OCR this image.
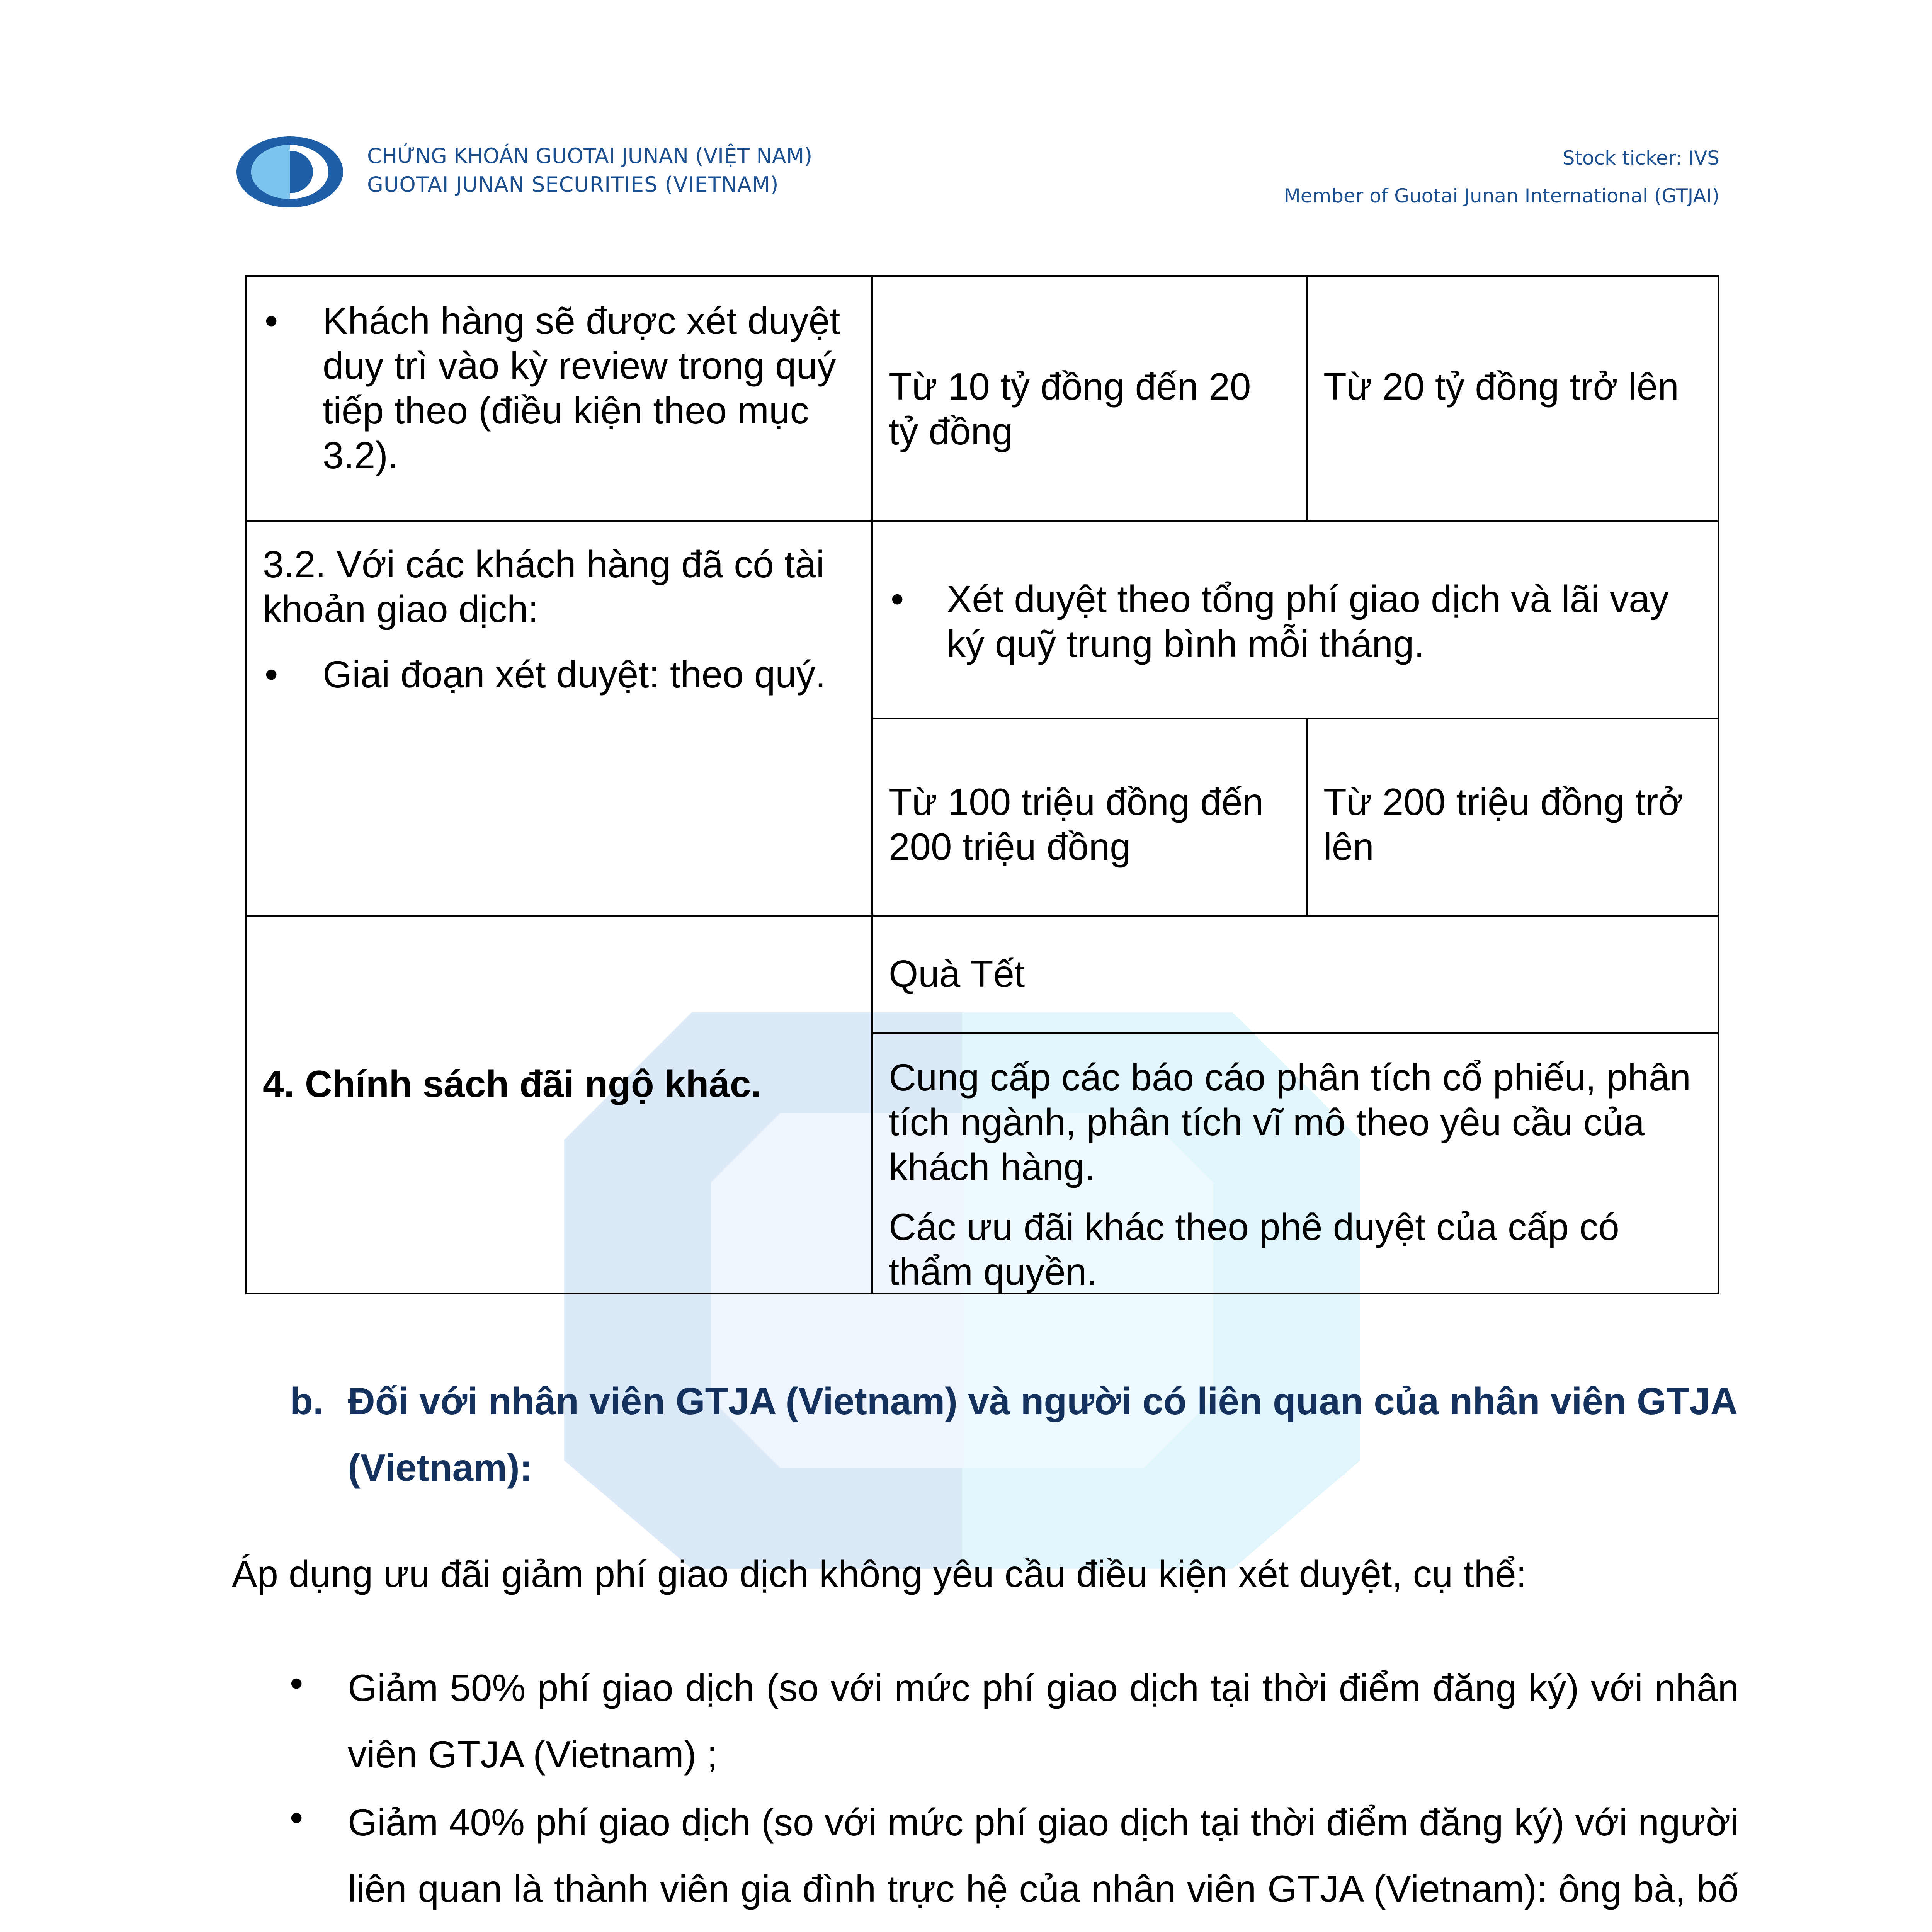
CHỨNG KHOÁN GUOTAI JUNAN (VIỆT NAM)
GUOTAI JUNAN SECURITIES (VIETNAM)
Stock ticker: IVS
Member of Guotai Junan International (GTJAI)
• Khách hàng sẽ được xét duyệt duy trì vào kỳ review trong quý tiếp theo (điều kiện theo mục 3.2).
Từ 10 tỷ đồng đến 20 tỷ đồng
Từ 20 tỷ đồng trở lên
3.2. Với các khách hàng đã có tài khoản giao dịch:
• Giai đoạn xét duyệt: theo quý.
• Xét duyệt theo tổng phí giao dịch và lãi vay ký quỹ trung bình mỗi tháng.
Từ 100 triệu đồng đến 200 triệu đồng
Từ 200 triệu đồng trở lên
4. Chính sách đãi ngộ khác.
Quà Tết
Cung cấp các báo cáo phân tích cổ phiếu, phân tích ngành, phân tích vĩ mô theo yêu cầu của khách hàng.
Các ưu đãi khác theo phê duyệt của cấp có thẩm quyền.
b. Đối với nhân viên GTJA (Vietnam) và người có liên quan của nhân viên GTJA
(Vietnam):
Áp dụng ưu đãi giảm phí giao dịch không yêu cầu điều kiện xét duyệt, cụ thể:
• Giảm 50% phí giao dịch (so với mức phí giao dịch tại thời điểm đăng ký) với nhân viên GTJA (Vietnam) ;
• Giảm 40% phí giao dịch (so với mức phí giao dịch tại thời điểm đăng ký) với người liên quan là thành viên gia đình trực hệ của nhân viên GTJA (Vietnam): ông bà, bố
